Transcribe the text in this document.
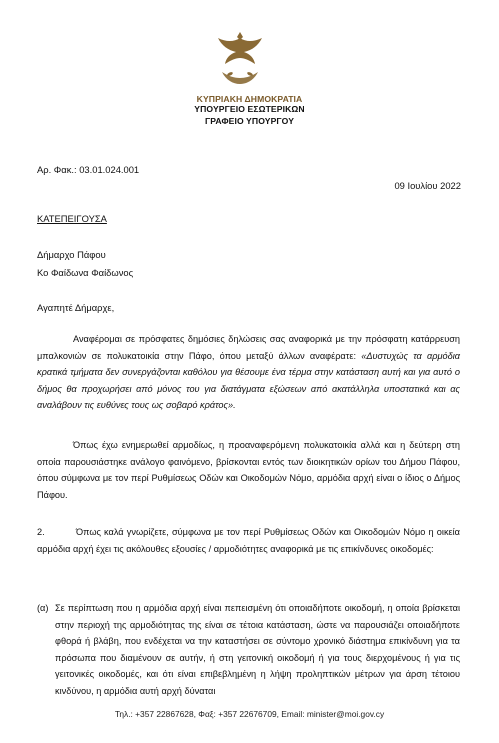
ΚΥΠΡΙΑΚΗ ΔΗΜΟΚΡΑΤΙΑ
ΥΠΟΥΡΓΕΙΟ ΕΣΩΤΕΡΙΚΩΝ
ΓΡΑΦΕΙΟ ΥΠΟΥΡΓΟΥ
Αρ. Φακ.: 03.01.024.001
09 Ιουλίου 2022
ΚΑΤΕΠΕΙΓΟΥΣΑ
Δήμαρχο Πάφου
Κο Φαίδωνα Φαίδωνος
Αγαπητέ Δήμαρχε,

Αναφέρομαι σε πρόσφατες δημόσιες δηλώσεις σας αναφορικά με την πρόσφατη κατάρρευση μπαλκονιών σε πολυκατοικία στην Πάφο, όπου μεταξύ άλλων αναφέρατε: «Δυστυχώς τα αρμόδια κρατικά τμήματα δεν συνεργάζονται καθόλου για θέσουμε ένα τέρμα στην κατάσταση αυτή και για αυτό ο δήμος θα προχωρήσει από μόνος του για διατάγματα εξώσεων από ακατάλληλα υποστατικά και ας αναλάβουν τις ευθύνες τους ως σοβαρό κράτος».

Όπως έχω ενημερωθεί αρμοδίως, η προαναφερόμενη πολυκατοικία αλλά και η δεύτερη στη οποία παρουσιάστηκε ανάλογο φαινόμενο, βρίσκονται εντός των διοικητικών ορίων του Δήμου Πάφου, όπου σύμφωνα με τον περί Ρυθμίσεως Οδών και Οικοδομών Νόμο, αρμόδια αρχή είναι ο ίδιος ο Δήμος Πάφου.

2.	Όπως καλά γνωρίζετε, σύμφωνα με τον περί Ρυθμίσεως Οδών και Οικοδομών Νόμο η οικεία αρμόδια αρχή έχει τις ακόλουθες εξουσίες / αρμοδιότητες αναφορικά με τις επικίνδυνες οικοδομές:

(α) Σε περίπτωση που η αρμόδια αρχή είναι πεπεισμένη ότι οποιαδήποτε οικοδομή, η οποία βρίσκεται στην περιοχή της αρμοδιότητας της είναι σε τέτοια κατάσταση, ώστε να παρουσιάζει οποιαδήποτε φθορά ή βλάβη, που ενδέχεται να την καταστήσει σε σύντομο χρονικό διάστημα επικίνδυνη για τα πρόσωπα που διαμένουν σε αυτήν, ή στη γειτονική οικοδομή ή για τους διερχομένους ή για τις γειτονικές οικοδομές, και ότι είναι επιβεβλημένη η λήψη προληπτικών μέτρων για άρση τέτοιου κινδύνου, η αρμόδια αυτή αρχή δύναται
Τηλ.: +357 22867628, Φαξ: +357 22676709, Email: minister@moi.gov.cy
